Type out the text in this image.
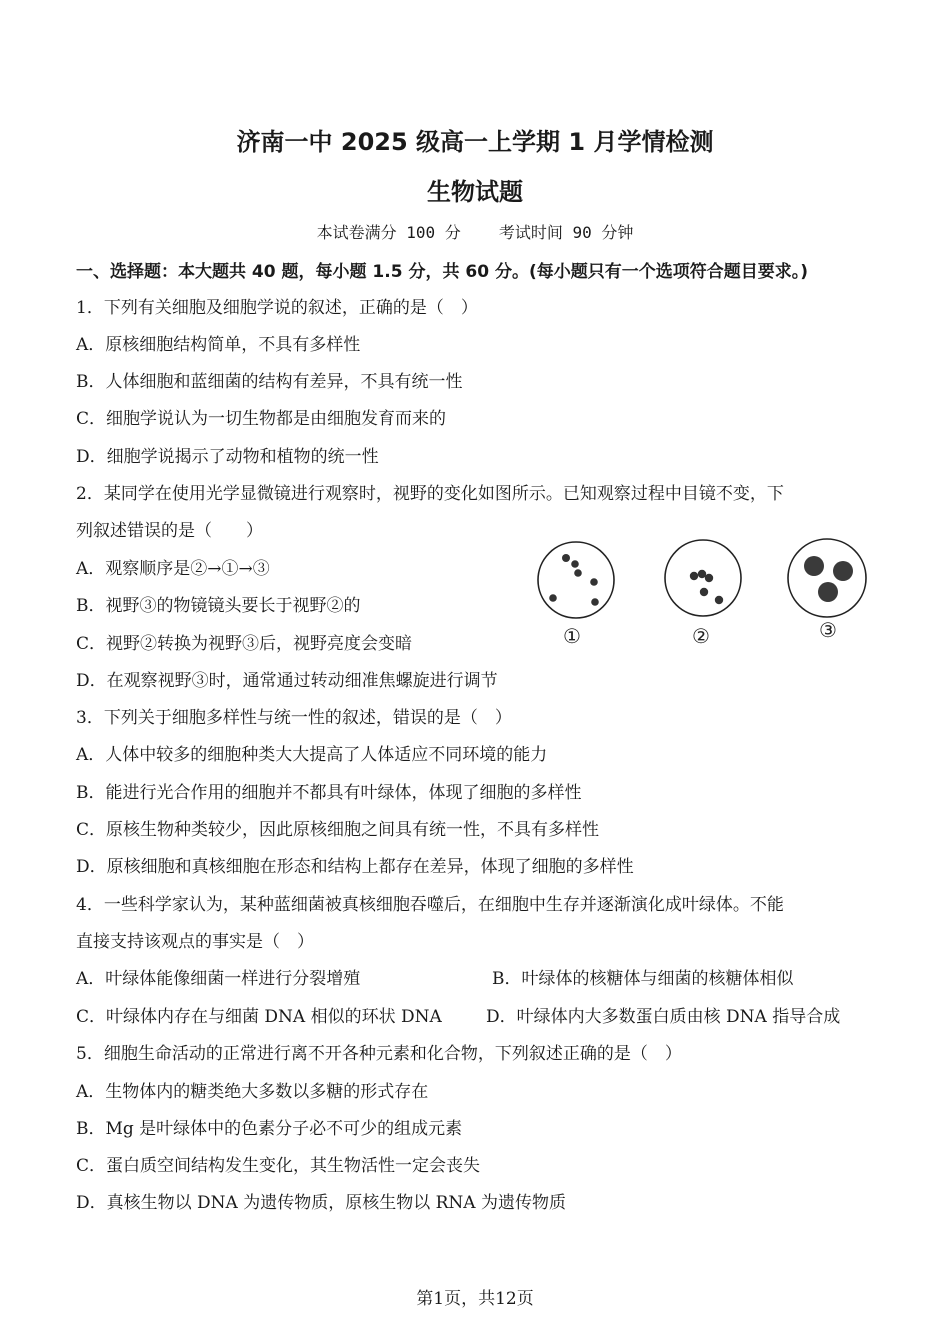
济南一中 2025 级高一上学期 1 月学情检测
生物试题
本试卷满分 100 分 考试时间 90 分钟
一、选择题：本大题共 40 题，每小题 1.5 分，共 60 分。(每小题只有一个选项符合题目要求。)
1．下列有关细胞及细胞学说的叙述，正确的是（　）
A．原核细胞结构简单，不具有多样性
B．人体细胞和蓝细菌的结构有差异，不具有统一性
C．细胞学说认为一切生物都是由细胞发育而来的
D．细胞学说揭示了动物和植物的统一性
2．某同学在使用光学显微镜进行观察时，视野的变化如图所示。已知观察过程中目镜不变，下
列叙述错误的是（　　）
A．观察顺序是②→①→③
B．视野③的物镜镜头要长于视野②的
C．视野②转换为视野③后，视野亮度会变暗
D．在观察视野③时，通常通过转动细准焦螺旋进行调节
①	②	③
3．下列关于细胞多样性与统一性的叙述，错误的是（　）
A．人体中较多的细胞种类大大提高了人体适应不同环境的能力
B．能进行光合作用的细胞并不都具有叶绿体，体现了细胞的多样性
C．原核生物种类较少，因此原核细胞之间具有统一性，不具有多样性
D．原核细胞和真核细胞在形态和结构上都存在差异，体现了细胞的多样性
4．一些科学家认为，某种蓝细菌被真核细胞吞噬后，在细胞中生存并逐渐演化成叶绿体。不能
直接支持该观点的事实是（　）
A．叶绿体能像细菌一样进行分裂增殖	B．叶绿体的核糖体与细菌的核糖体相似
C．叶绿体内存在与细菌 DNA 相似的环状 DNA	D．叶绿体内大多数蛋白质由核 DNA 指导合成
5．细胞生命活动的正常进行离不开各种元素和化合物，下列叙述正确的是（　）
A．生物体内的糖类绝大多数以多糖的形式存在
B．Mg 是叶绿体中的色素分子必不可少的组成元素
C．蛋白质空间结构发生变化，其生物活性一定会丧失
D．真核生物以 DNA 为遗传物质，原核生物以 RNA 为遗传物质
第1页，共12页
